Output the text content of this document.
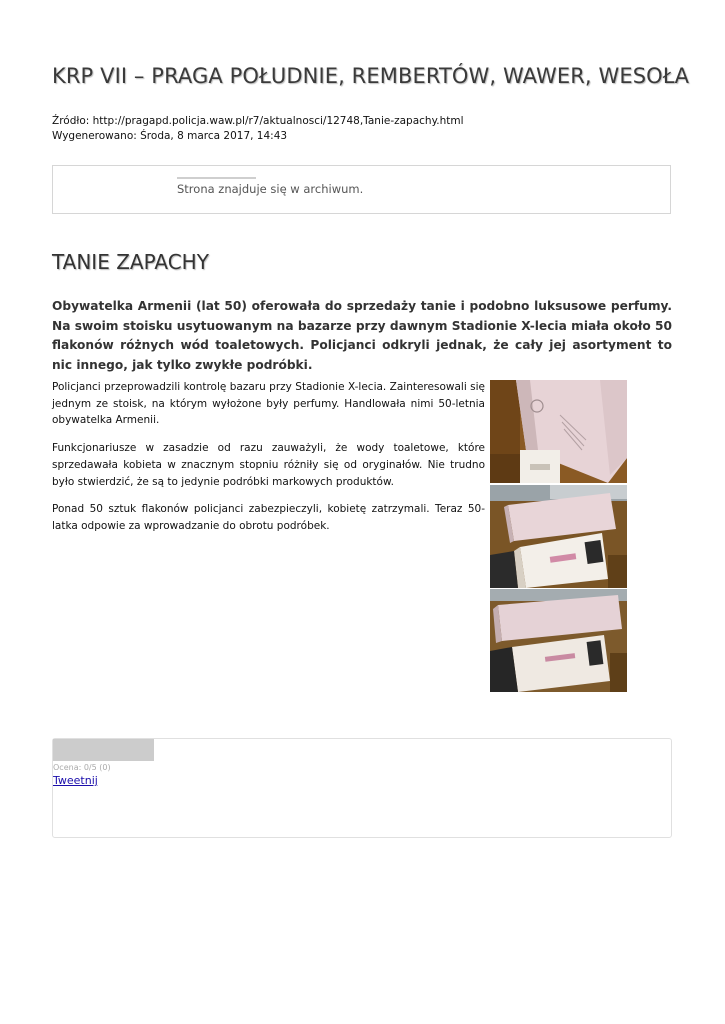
KRP VII – PRAGA POŁUDNIE, REMBERTÓW, WAWER, WESOŁA
Źródło: http://pragapd.policja.waw.pl/r7/aktualnosci/12748,Tanie-zapachy.html
Wygenerowano: Środa, 8 marca 2017, 14:43
Strona znajduje się w archiwum.
TANIE ZAPACHY

Obywatelka Armenii (lat 50) oferowała do sprzedaży tanie i podobno luksusowe perfumy. Na swoim stoisku usytuowanym na bazarze przy dawnym Stadionie X-lecia miała około 50 flakonów różnych wód toaletowych. Policjanci odkryli jednak, że cały jej asortyment to nic innego, jak tylko zwykłe podróbki.

Policjanci przeprowadzili kontrolę bazaru przy Stadionie X-lecia. Zainteresowali się jednym ze stoisk, na którym wyłożone były perfumy. Handlowała nimi 50-letnia obywatelka Armenii.

Funkcjonariusze w zasadzie od razu zauważyli, że wody toaletowe, które sprzedawała kobieta w znacznym stopniu różniły się od oryginałów. Nie trudno było stwierdzić, że są to jedynie podróbki markowych produktów.

Ponad 50 sztuk flakonów policjanci zabezpieczyli, kobietę zatrzymali. Teraz 50-latka odpowie za wprowadzanie do obrotu podróbek.

Ocena: 0/5 (0)
Tweetnij
